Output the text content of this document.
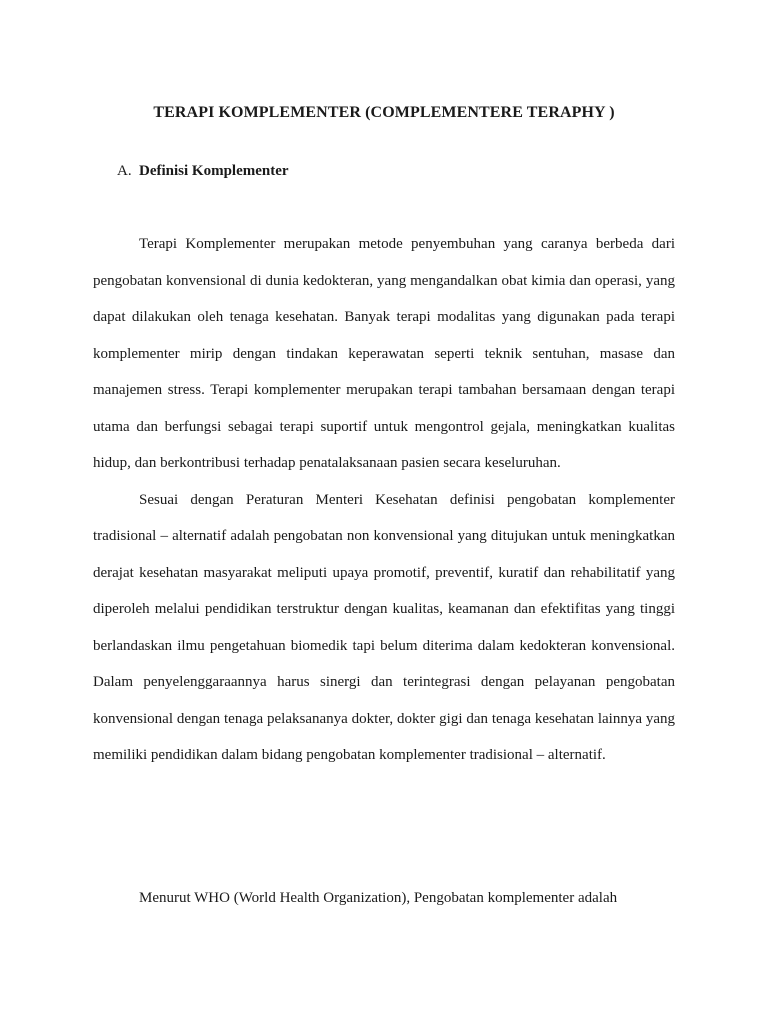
TERAPI KOMPLEMENTER (COMPLEMENTERE TERAPHY )
A. Definisi Komplementer

Terapi Komplementer merupakan metode penyembuhan yang caranya berbeda dari pengobatan konvensional di dunia kedokteran, yang mengandalkan obat kimia dan operasi, yang dapat dilakukan oleh tenaga kesehatan. Banyak terapi modalitas yang digunakan pada terapi komplementer mirip dengan tindakan keperawatan seperti teknik sentuhan, masase dan manajemen stress. Terapi komplementer merupakan terapi tambahan bersamaan dengan terapi utama dan berfungsi sebagai terapi suportif untuk mengontrol gejala, meningkatkan kualitas hidup, dan berkontribusi terhadap penatalaksanaan pasien secara keseluruhan.

Sesuai dengan Peraturan Menteri Kesehatan definisi pengobatan komplementer tradisional – alternatif adalah pengobatan non konvensional yang ditujukan untuk meningkatkan derajat kesehatan masyarakat meliputi upaya promotif, preventif, kuratif dan rehabilitatif yang diperoleh melalui pendidikan terstruktur dengan kualitas, keamanan dan efektifitas yang tinggi berlandaskan ilmu pengetahuan biomedik tapi belum diterima dalam kedokteran konvensional. Dalam penyelenggaraannya harus sinergi dan terintegrasi dengan pelayanan pengobatan konvensional dengan tenaga pelaksananya dokter, dokter gigi dan tenaga kesehatan lainnya yang memiliki pendidikan dalam bidang pengobatan komplementer tradisional – alternatif.

Menurut WHO (World Health Organization), Pengobatan komplementer adalah
